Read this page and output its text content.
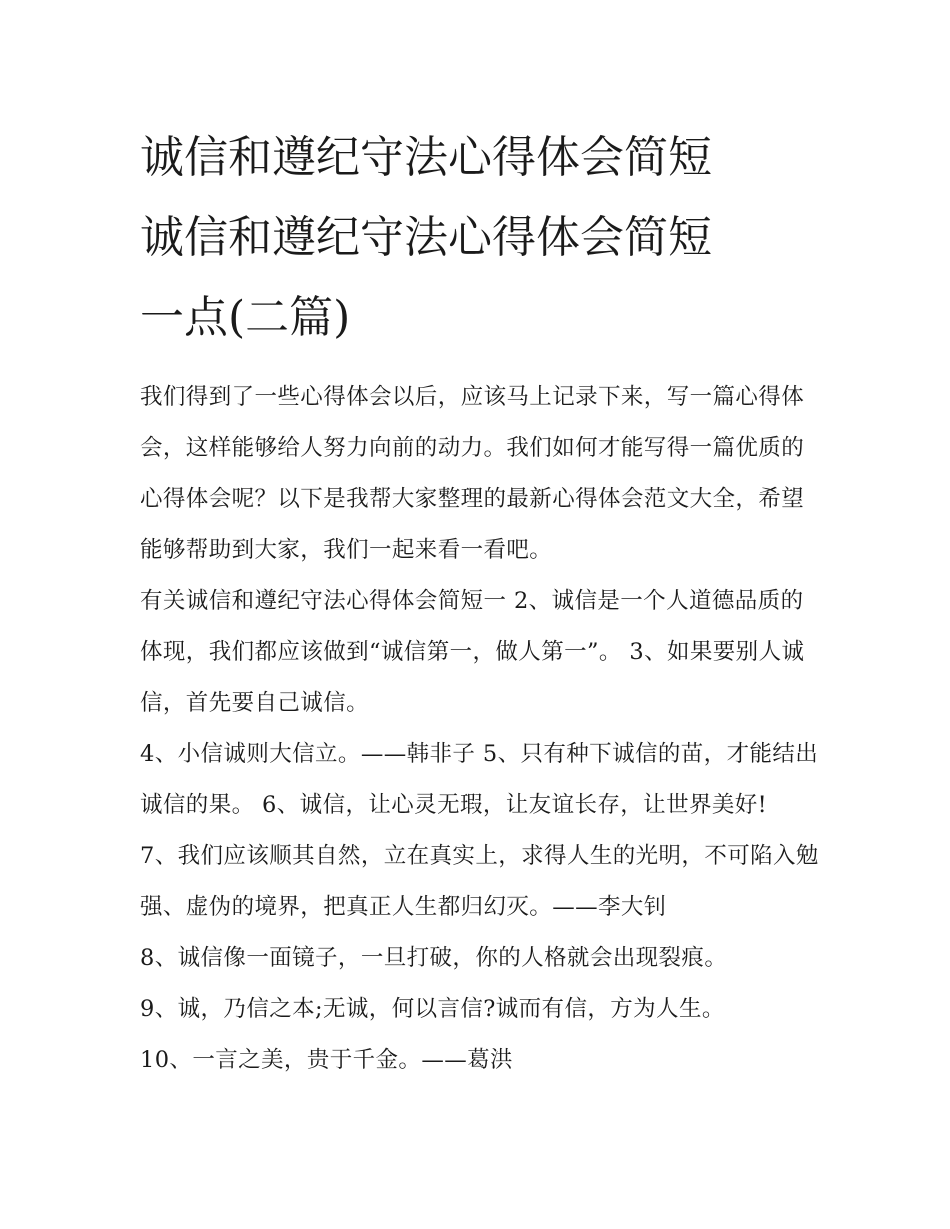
诚信和遵纪守法心得体会简短
诚信和遵纪守法心得体会简短
一点(二篇)

我们得到了一些心得体会以后，应该马上记录下来，写一篇心得体会，这样能够给人努力向前的动力。我们如何才能写得一篇优质的心得体会呢？以下是我帮大家整理的最新心得体会范文大全，希望能够帮助到大家，我们一起来看一看吧。

有关诚信和遵纪守法心得体会简短一 2、诚信是一个人道德品质的体现，我们都应该做到“诚信第一，做人第一”。 3、如果要别人诚信，首先要自己诚信。

4、小信诚则大信立。——韩非子 5、只有种下诚信的苗，才能结出诚信的果。 6、诚信，让心灵无瑕，让友谊长存，让世界美好!

7、我们应该顺其自然，立在真实上，求得人生的光明，不可陷入勉强、虚伪的境界，把真正人生都归幻灭。——李大钊

8、诚信像一面镜子，一旦打破，你的人格就会出现裂痕。

9、诚，乃信之本;无诚，何以言信?诚而有信，方为人生。

10、一言之美，贵于千金。——葛洪
